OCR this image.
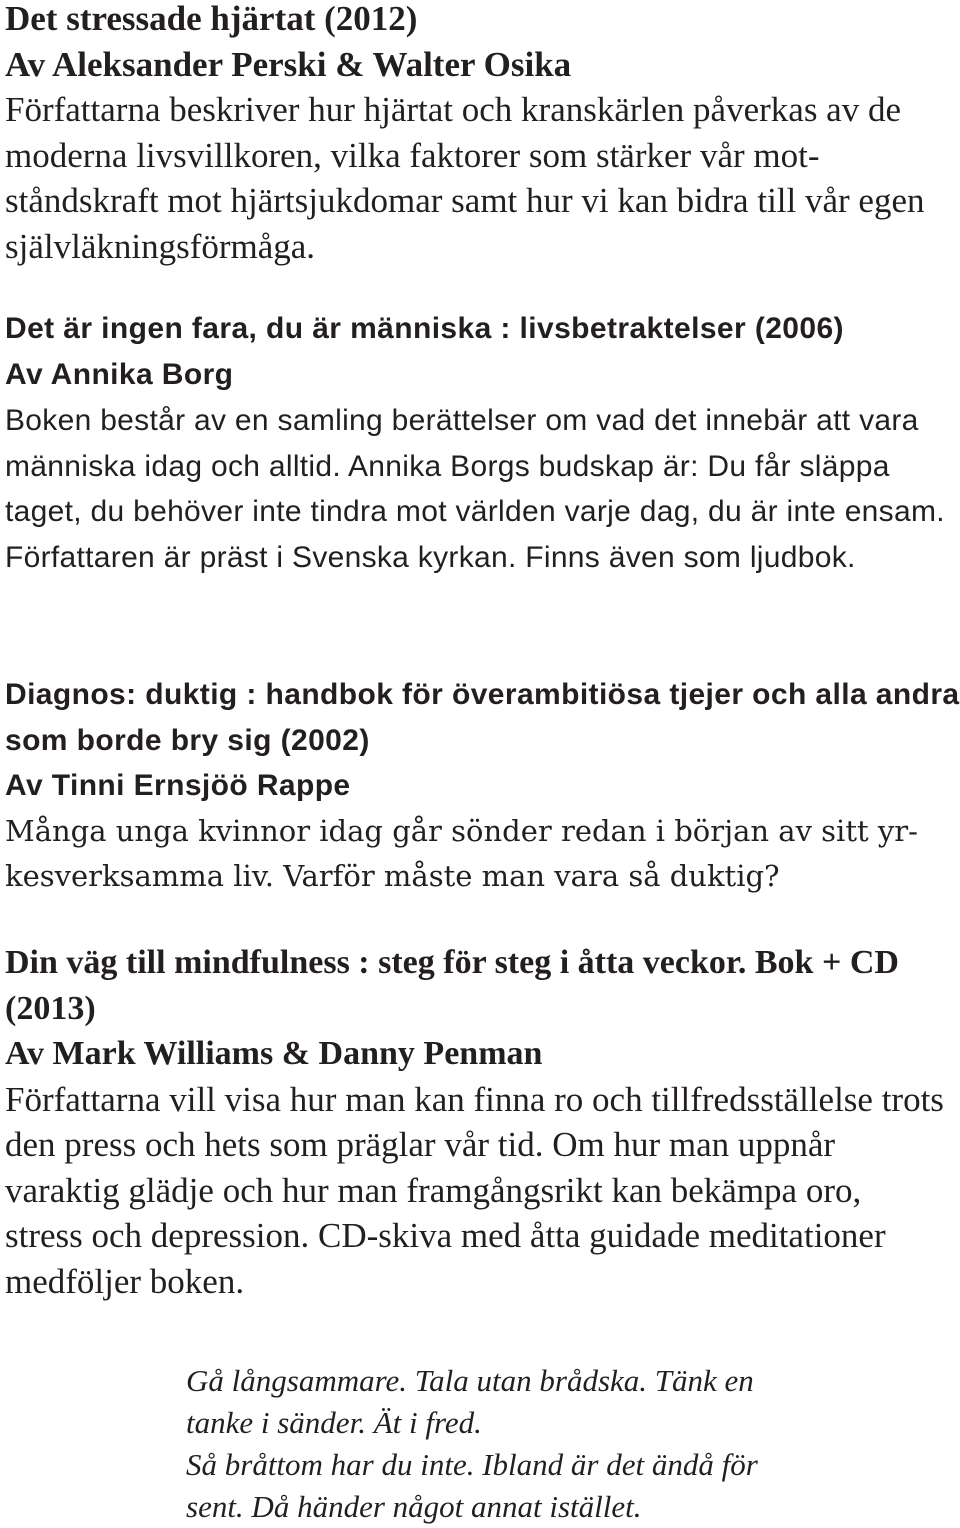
Det stressade hjärtat (2012)

Av Aleksander Perski & Walter Osika

Författarna beskriver hur hjärtat och kranskärlen påverkas av de moderna livsvillkoren, vilka faktorer som stärker vår motståndskraft mot hjärtsjukdomar samt hur vi kan bidra till vår egen självläkningsförmåga.

Det är ingen fara, du är människa : livsbetraktelser (2006)

Av Annika Borg

Boken består av en samling berättelser om vad det innebär att vara människa idag och alltid. Annika Borgs budskap är: Du får släppa taget, du behöver inte tindra mot världen varje dag, du är inte ensam. Författaren är präst i Svenska kyrkan. Finns även som ljudbok.

Diagnos: duktig : handbok för överambitiösa tjejer och alla andra som borde bry sig (2002)

Av Tinni Ernsjöö Rappe

Många unga kvinnor idag går sönder redan i början av sitt yrkesverksamma liv. Varför måste man vara så duktig?

Din väg till mindfulness : steg för steg i åtta veckor. Bok + CD (2013)

Av Mark Williams & Danny Penman

Författarna vill visa hur man kan finna ro och tillfredsställelse trots den press och hets som präglar vår tid. Om hur man uppnår varaktig glädje och hur man framgångsrikt kan bekämpa oro, stress och depression. CD-skiva med åtta guidade meditationer medföljer boken.

Gå långsammare. Tala utan brådska. Tänk en
tanke i sänder. Ät i fred.
Så bråttom har du inte. Ibland är det ändå för
sent. Då händer något annat istället.
